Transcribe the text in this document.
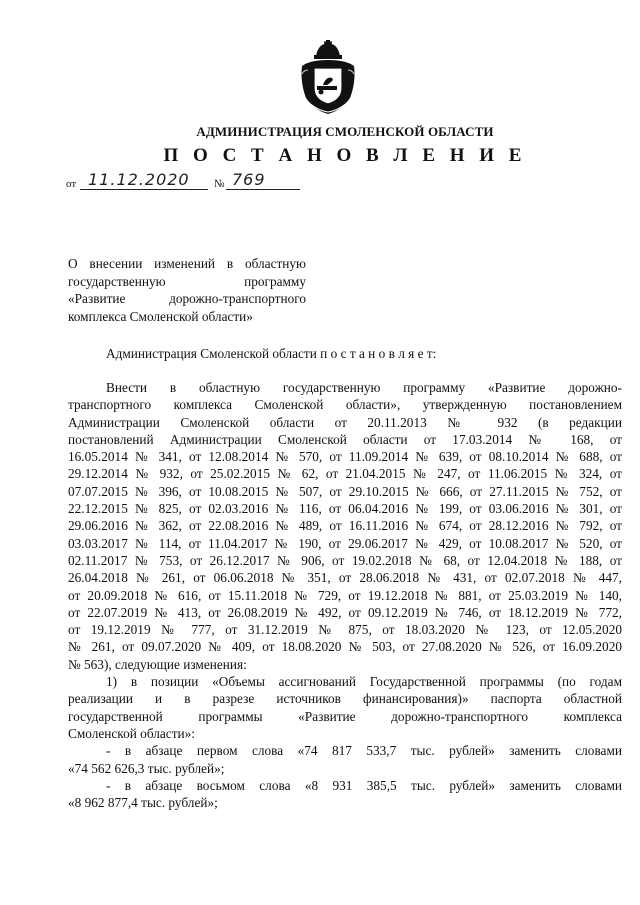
АДМИНИСТРАЦИЯ СМОЛЕНСКОЙ ОБЛАСТИ
П О С Т А Н О В Л Е Н И Е
от 11.12.2020 № 769
О внесении изменений в областную
государственную программу
«Развитие дорожно-транспортного
комплекса Смоленской области»
Администрация Смоленской области п о с т а н о в л я е т:
Внести в областную государственную программу «Развитие дорожно-
транспортного комплекса Смоленской области», утвержденную постановлением
Администрации Смоленской области от 20.11.2013 № 932 (в редакции
постановлений Администрации Смоленской области от 17.03.2014 № 168, от
16.05.2014 № 341, от 12.08.2014 № 570, от 11.09.2014 № 639, от 08.10.2014 № 688, от
29.12.2014 № 932, от 25.02.2015 № 62, от 21.04.2015 № 247, от 11.06.2015 № 324, от
07.07.2015 № 396, от 10.08.2015 № 507, от 29.10.2015 № 666, от 27.11.2015 № 752, от
22.12.2015 № 825, от 02.03.2016 № 116, от 06.04.2016 № 199, от 03.06.2016 № 301, от
29.06.2016 № 362, от 22.08.2016 № 489, от 16.11.2016 № 674, от 28.12.2016 № 792, от
03.03.2017 № 114, от 11.04.2017 № 190, от 29.06.2017 № 429, от 10.08.2017 № 520, от
02.11.2017 № 753, от 26.12.2017 № 906, от 19.02.2018 № 68, от 12.04.2018 № 188, от
26.04.2018 № 261, от 06.06.2018 № 351, от 28.06.2018 № 431, от 02.07.2018 № 447,
от 20.09.2018 № 616, от 15.11.2018 № 729, от 19.12.2018 № 881, от 25.03.2019 № 140,
от 22.07.2019 № 413, от 26.08.2019 № 492, от 09.12.2019 № 746, от 18.12.2019 № 772,
от 19.12.2019 № 777, от 31.12.2019 № 875, от 18.03.2020 № 123, от 12.05.2020
№ 261, от 09.07.2020 № 409, от 18.08.2020 № 503, от 27.08.2020 № 526, от 16.09.2020
№ 563), следующие изменения:
1) в позиции «Объемы ассигнований Государственной программы (по годам
реализации и в разрезе источников финансирования)» паспорта областной
государственной программы «Развитие дорожно-транспортного комплекса
Смоленской области»:
- в абзаце первом слова «74 817 533,7 тыс. рублей» заменить словами
«74 562 626,3 тыс. рублей»;
- в абзаце восьмом слова «8 931 385,5 тыс. рублей» заменить словами
«8 962 877,4 тыс. рублей»;
